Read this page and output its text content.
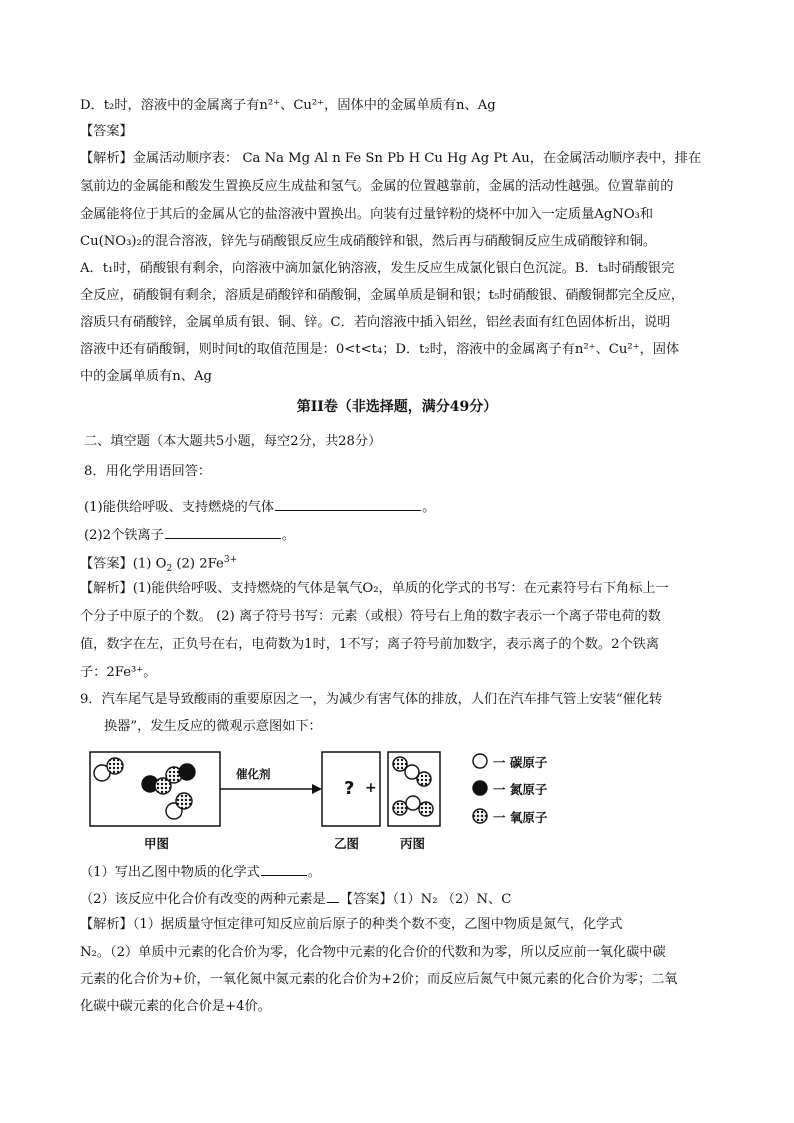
D．t₂时，溶液中的金属离子有n²⁺、Cu²⁺，固体中的金属单质有n、Ag
【答案】
【解析】金属活动顺序表： Ca Na Mg Al n Fe Sn Pb H Cu Hg Ag Pt Au，在金属活动顺序表中，排在
氢前边的金属能和酸发生置换反应生成盐和氢气。金属的位置越靠前，金属的活动性越强。位置靠前的
金属能将位于其后的金属从它的盐溶液中置换出。向装有过量锌粉的烧杯中加入一定质量AgNO₃和
Cu(NO₃)₂的混合溶液，锌先与硝酸银反应生成硝酸锌和银，然后再与硝酸铜反应生成硝酸锌和铜。
A．t₁时，硝酸银有剩余，向溶液中滴加氯化钠溶液，发生反应生成氯化银白色沉淀。B．t₃时硝酸银完
全反应，硝酸铜有剩余，溶质是硝酸锌和硝酸铜，金属单质是铜和银；t₅时硝酸银、硝酸铜都完全反应，
溶质只有硝酸锌，金属单质有银、铜、锌。C．若向溶液中插入铝丝，铝丝表面有红色固体析出，说明
溶液中还有硝酸铜，则时间t的取值范围是：0<t<t₄；D．t₂时，溶液中的金属离子有n²⁺、Cu²⁺，固体
中的金属单质有n、Ag
第II卷（非选择题，满分49分）
二、填空题（本大题共5小题，每空2分，共28分）
8．用化学用语回答：
(1)能供给呼吸、支持燃烧的气体	。
(2)2个铁离子	。
【答案】(1) $O_2$ (2) $2Fe^{3+}$
【解析】(1)能供给呼吸、支持燃烧的气体是氧气O₂，单质的化学式的书写：在元素符号右下角标上一
个分子中原子的个数。 (2) 离子符号书写：元素（或根）符号右上角的数字表示一个离子带电荷的数
值，数字在左，正负号在右，电荷数为1时，1不写；离子符号前加数字，表示离子的个数。2个铁离
子：2Fe³⁺。
9．汽车尾气是导致酸雨的重要原因之一，为减少有害气体的排放，人们在汽车排气管上安装“催化转
换器”，发生反应的微观示意图如下：
催化剂
? +
甲图	乙图	丙图
一 碳原子
一 氮原子
一 氧原子
（1）写出乙图中物质的化学式	。
（2）该反应中化合价有改变的两种元素是 【答案】（1）N₂ （2）N、C
【解析】（1）据质量守恒定律可知反应前后原子的种类个数不变，乙图中物质是氮气，化学式
N₂。（2）单质中元素的化合价为零，化合物中元素的化合价的代数和为零，所以反应前一氧化碳中碳
元素的化合价为+价，一氧化氮中氮元素的化合价为+2价；而反应后氮气中氮元素的化合价为零；二氧
化碳中碳元素的化合价是+4价。
